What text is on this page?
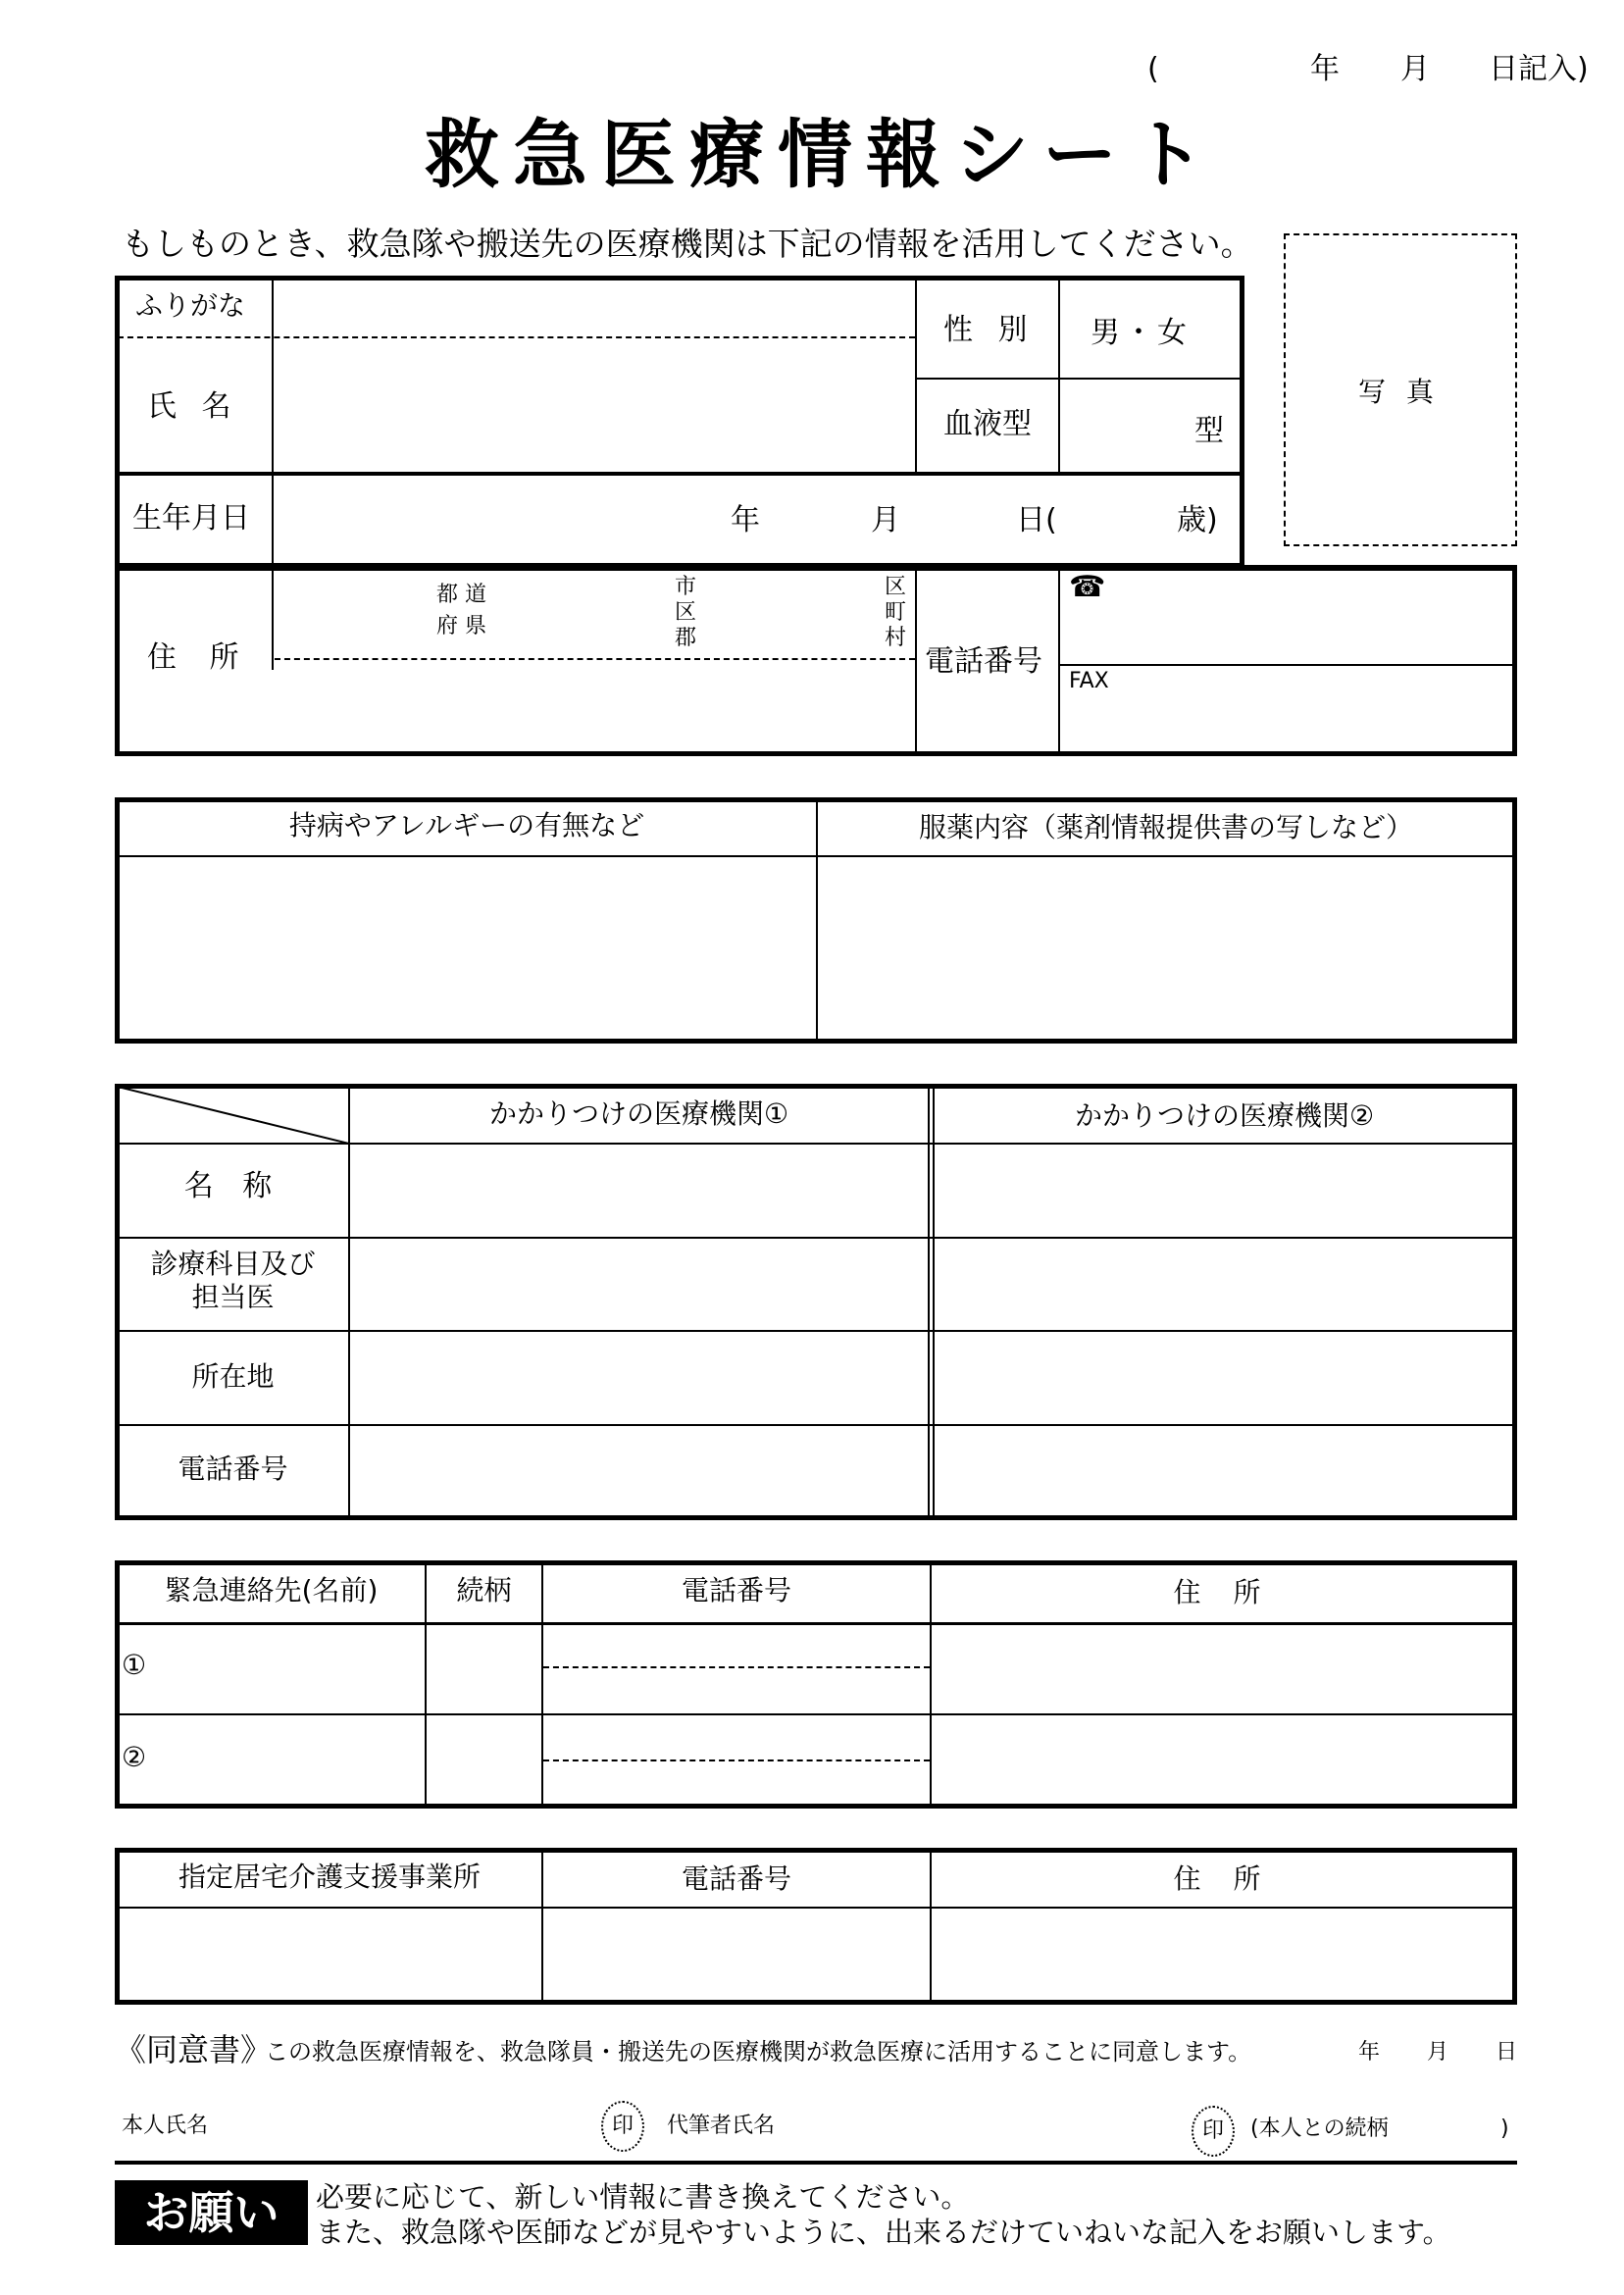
(	年 月 日記入)
救急医療情報シート
もしものとき、救急隊や搬送先の医療機関は下記の情報を活用してください。
写 真
ふりがな
氏 名
性 別 男・女
血液型	型
生年月日	年	月	日(	歳)
住 所
都 道
府 県
市
区
郡
区
町
村
電話番号
☎
FAX
持病やアレルギーの有無など	服薬内容（薬剤情報提供書の写しなど）
かかりつけの医療機関①	かかりつけの医療機関②
名 称
診療科目及び
担当医
所在地
電話番号
緊急連絡先(名前)	続柄	電話番号	住 所
①
②
指定居宅介護支援事業所	電話番号	住 所
《同意書》
この救急医療情報を、救急隊員・搬送先の医療機関が救急医療に活用することに同意します。	年 月 日
本人氏名	印	代筆者氏名	印	(本人との続柄	)
お願い	必要に応じて、新しい情報に書き換えてください。
また、救急隊や医師などが見やすいように、出来るだけていねいな記入をお願いします。
